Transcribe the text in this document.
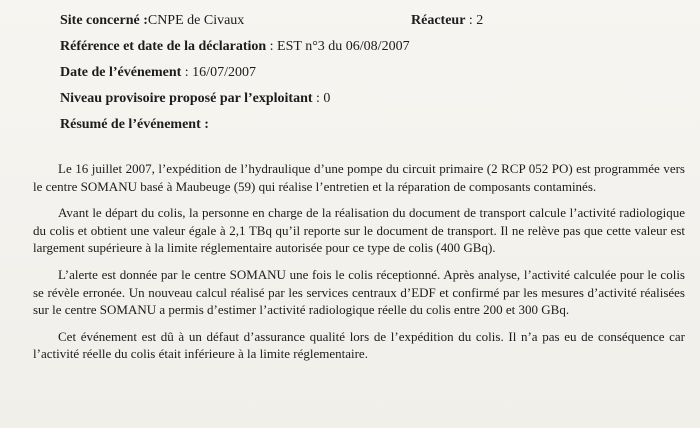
Site concerné :CNPE de Civaux	Réacteur : 2
Référence et date de la déclaration : EST n°3 du 06/08/2007
Date de l’événement : 16/07/2007
Niveau provisoire proposé par l’exploitant : 0
Résumé de l’événement :

Le 16 juillet 2007, l’expédition de l’hydraulique d’une pompe du circuit primaire (2 RCP 052 PO) est programmée vers le centre SOMANU basé à Maubeuge (59) qui réalise l’entretien et la réparation de composants contaminés.

Avant le départ du colis, la personne en charge de la réalisation du document de transport calcule l’activité radiologique du colis et obtient une valeur égale à 2,1 TBq qu’il reporte sur le document de transport. Il ne relève pas que cette valeur est largement supérieure à la limite réglementaire autorisée pour ce type de colis (400 GBq).

L’alerte est donnée par le centre SOMANU une fois le colis réceptionné. Après analyse, l’activité calculée pour le colis se révèle erronée. Un nouveau calcul réalisé par les services centraux d’EDF et confirmé par les mesures d’activité réalisées sur le centre SOMANU a permis d’estimer l’activité radiologique réelle du colis entre 200 et 300 GBq.

Cet événement est dû à un défaut d’assurance qualité lors de l’expédition du colis. Il n’a pas eu de conséquence car l’activité réelle du colis était inférieure à la limite réglementaire.
